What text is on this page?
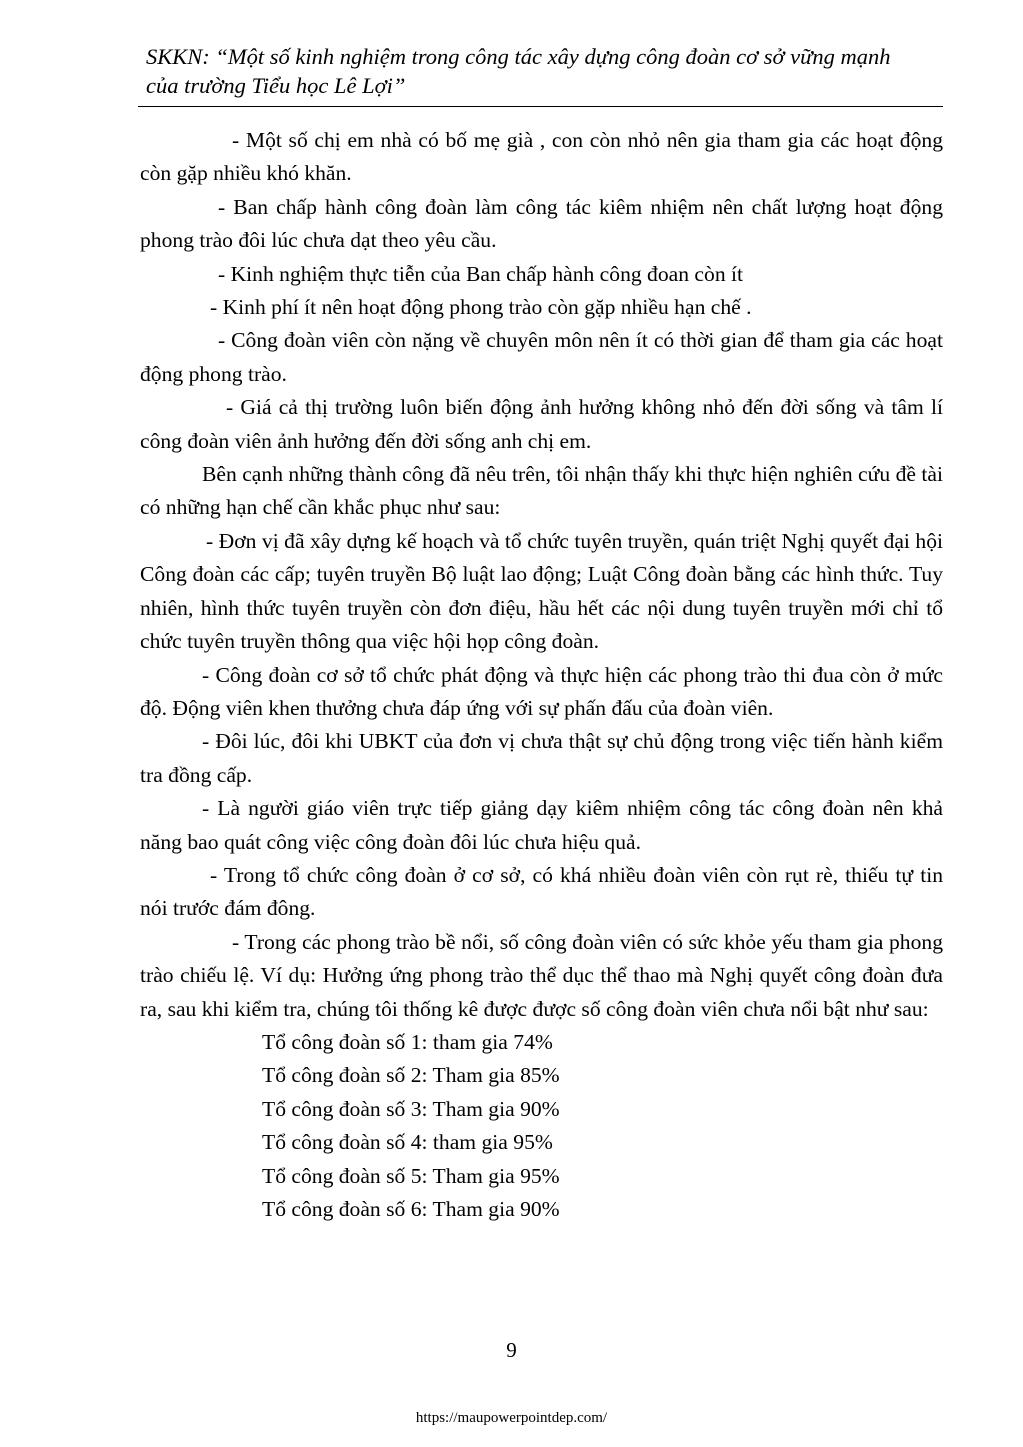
SKKN: “Một số kinh nghiệm trong công tác xây dựng công đoàn cơ sở vững mạnh
của trường Tiểu học Lê Lợi”

- Một số chị em nhà có bố mẹ già , con còn nhỏ nên gia tham gia các hoạt động còn gặp nhiều khó khăn.

- Ban chấp hành công đoàn làm công tác kiêm nhiệm nên chất lượng hoạt động phong trào đôi lúc chưa dạt theo yêu cầu.

- Kinh nghiệm thực tiễn của Ban chấp hành công đoan còn ít

- Kinh phí ít nên hoạt động phong trào còn gặp nhiều hạn chế .

- Công đoàn viên còn nặng về chuyên môn nên ít có thời gian để tham gia các hoạt động phong trào.

- Giá cả thị trường luôn biến động ảnh hưởng không nhỏ đến đời sống và tâm lí công đoàn viên ảnh hưởng đến đời sống anh chị em.

Bên cạnh những thành công đã nêu trên, tôi nhận thấy khi thực hiện nghiên cứu đề tài có những hạn chế cần khắc phục như sau:

- Đơn vị đã xây dựng kế hoạch và tổ chức tuyên truyền, quán triệt Nghị quyết đại hội Công đoàn các cấp; tuyên truyền Bộ luật lao động; Luật Công đoàn bằng các hình thức. Tuy nhiên, hình thức tuyên truyền còn đơn điệu, hầu hết các nội dung tuyên truyền mới chỉ tổ chức tuyên truyền thông qua việc hội họp công đoàn.

- Công đoàn cơ sở tổ chức phát động và thực hiện các phong trào thi đua còn ở mức độ. Động viên khen thưởng chưa đáp ứng với sự phấn đấu của đoàn viên.

- Đôi lúc, đôi khi UBKT của đơn vị chưa thật sự chủ động trong việc tiến hành kiểm tra đồng cấp.

- Là người giáo viên trực tiếp giảng dạy kiêm nhiệm công tác công đoàn nên khả năng bao quát công việc công đoàn đôi lúc chưa hiệu quả.

- Trong tổ chức công đoàn ở cơ sở, có khá nhiều đoàn viên còn rụt rè, thiếu tự tin nói trước đám đông.

- Trong các phong trào bề nổi, số công đoàn viên có sức khỏe yếu tham gia phong trào chiếu lệ. Ví dụ: Hưởng ứng phong trào thể dục thể thao mà Nghị quyết công đoàn đưa ra, sau khi kiểm tra, chúng tôi thống kê được được số công đoàn viên chưa nổi bật như sau:

Tổ công đoàn số 1: tham gia 74%

Tổ công đoàn số 2: Tham gia 85%

Tổ công đoàn số 3: Tham gia 90%

Tổ công đoàn số 4: tham gia 95%

Tổ công đoàn số 5: Tham gia 95%

Tổ công đoàn số 6: Tham gia 90%

9
https://maupowerpointdep.com/
